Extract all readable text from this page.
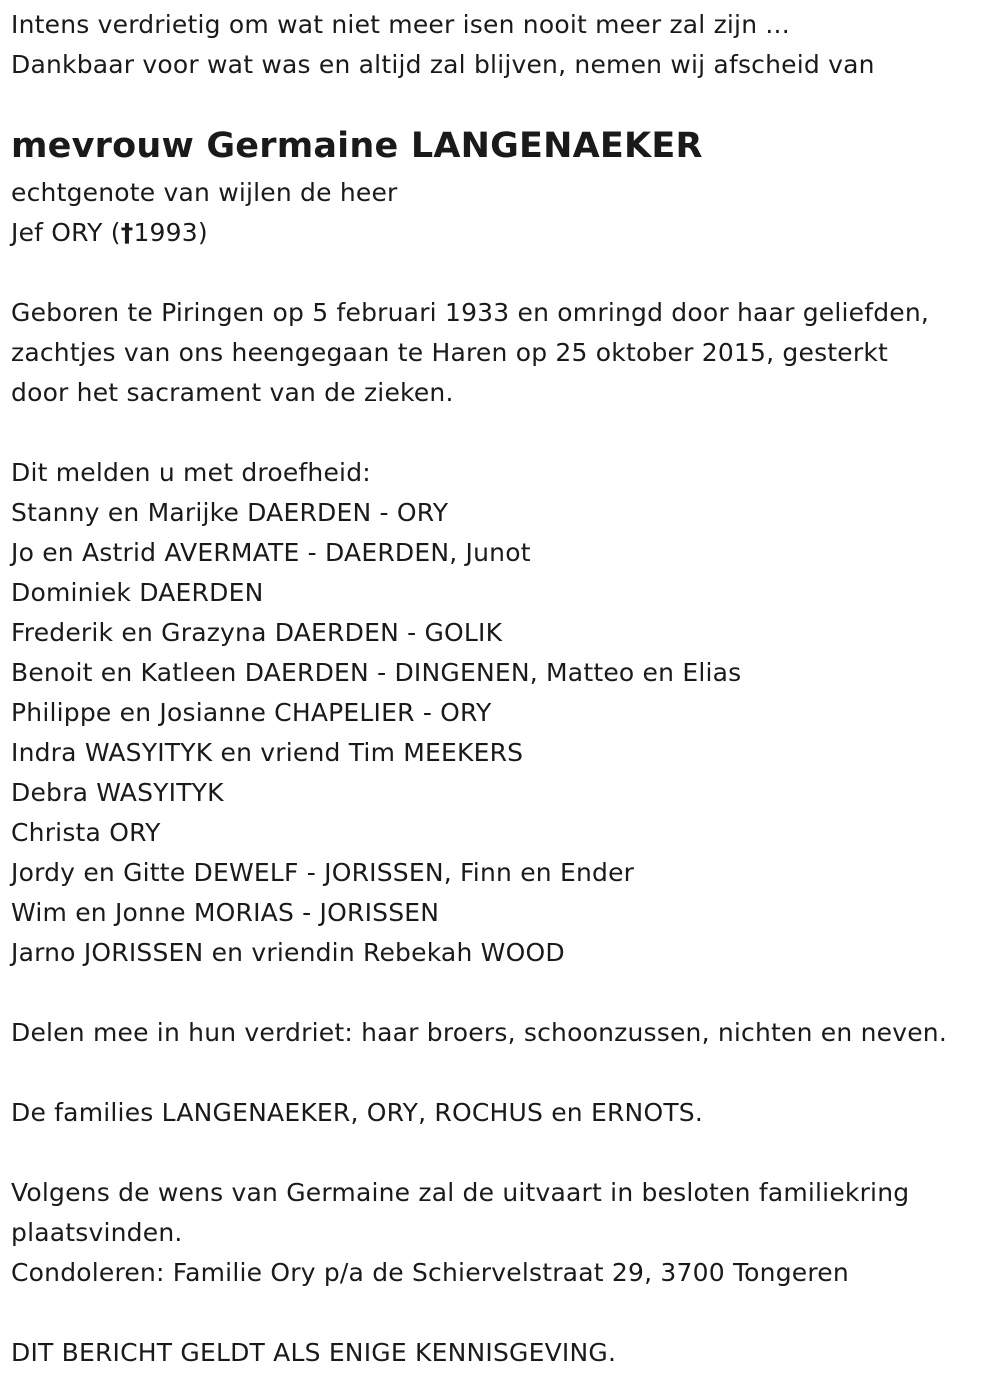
Intens verdrietig om wat niet meer isen nooit meer zal zijn ...

Dankbaar voor wat was en altijd zal blijven, nemen wij afscheid van

mevrouw Germaine LANGENAEKER

echtgenote van wijlen de heer

Jef ORY (†1993)

Geboren te Piringen op 5 februari 1933 en omringd door haar geliefden,

zachtjes van ons heengegaan te Haren op 25 oktober 2015, gesterkt

door het sacrament van de zieken.

Dit melden u met droefheid:

Stanny en Marijke DAERDEN - ORY

Jo en Astrid AVERMATE - DAERDEN, Junot

Dominiek DAERDEN

Frederik en Grazyna DAERDEN - GOLIK

Benoit en Katleen DAERDEN - DINGENEN, Matteo en Elias

Philippe en Josianne CHAPELIER - ORY

Indra WASYITYK en vriend Tim MEEKERS

Debra WASYITYK

Christa ORY

Jordy en Gitte DEWELF - JORISSEN, Finn en Ender

Wim en Jonne MORIAS - JORISSEN

Jarno JORISSEN en vriendin Rebekah WOOD

Delen mee in hun verdriet: haar broers, schoonzussen, nichten en neven.

De families LANGENAEKER, ORY, ROCHUS en ERNOTS.

Volgens de wens van Germaine zal de uitvaart in besloten familiekring

plaatsvinden.

Condoleren: Familie Ory p/a de Schiervelstraat 29, 3700 Tongeren

DIT BERICHT GELDT ALS ENIGE KENNISGEVING.
